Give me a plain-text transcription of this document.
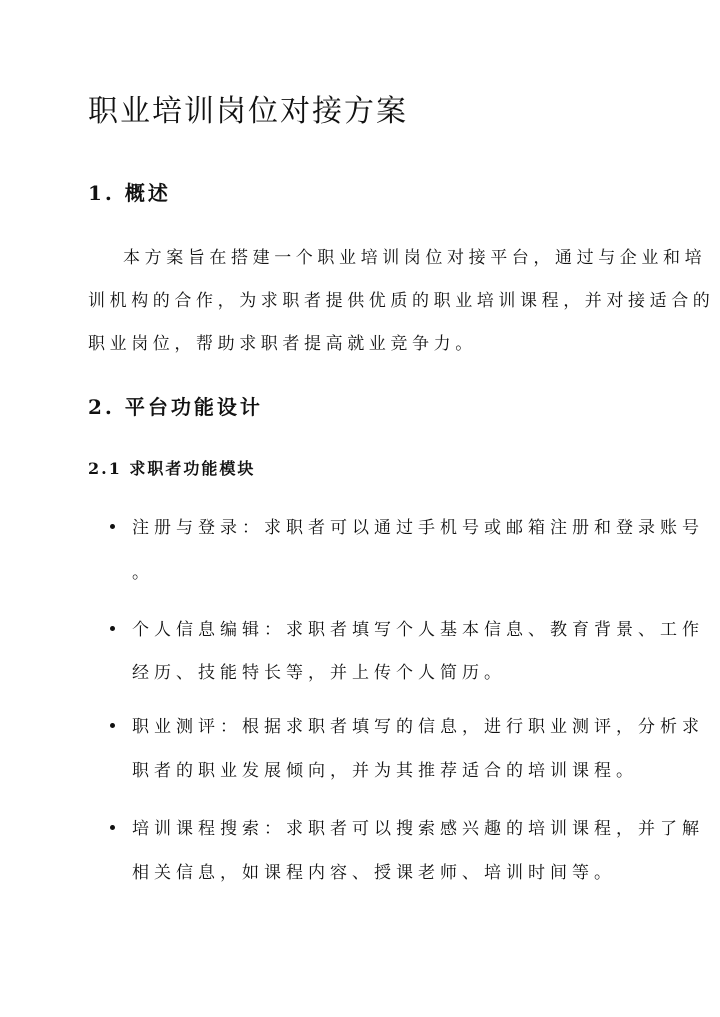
职业培训岗位对接方案
1. 概述
本方案旨在搭建一个职业培训岗位对接平台，通过与企业和培
训机构的合作，为求职者提供优质的职业培训课程，并对接适合的
职业岗位，帮助求职者提高就业竞争力。
2. 平台功能设计
2.1 求职者功能模块
注册与登录：求职者可以通过手机号或邮箱注册和登录账号
。
个人信息编辑：求职者填写个人基本信息、教育背景、工作
经历、技能特长等，并上传个人简历。
职业测评：根据求职者填写的信息，进行职业测评，分析求
职者的职业发展倾向，并为其推荐适合的培训课程。
培训课程搜索：求职者可以搜索感兴趣的培训课程，并了解
相关信息，如课程内容、授课老师、培训时间等。
